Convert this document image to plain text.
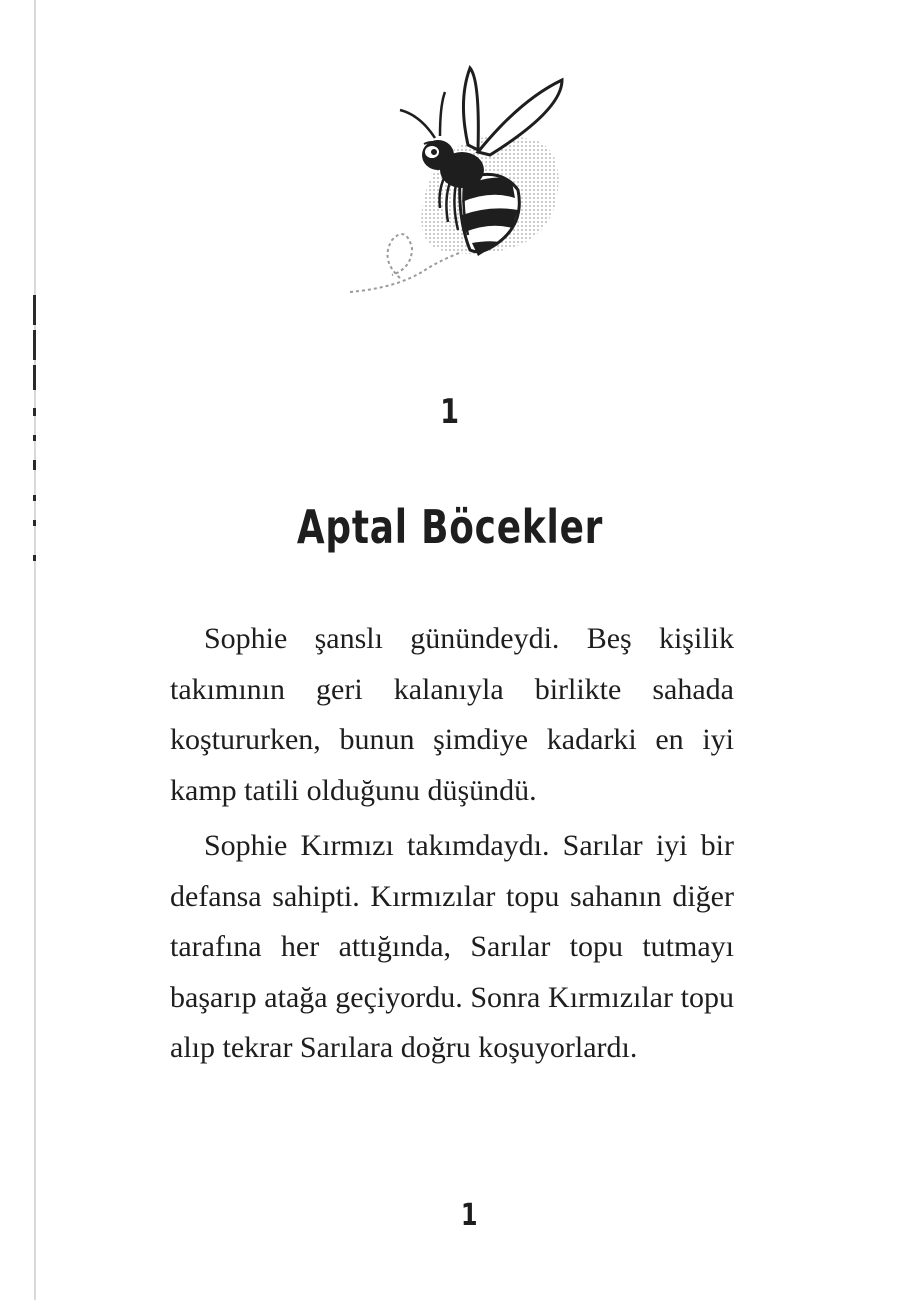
1
Aptal Böcekler

Sophie şanslı günündeydi. Beş kişilik takımının geri kalanıyla birlikte sahada koştururken, bunun şimdiye kadarki en iyi kamp tatili olduğunu düşündü.

Sophie Kırmızı takımdaydı. Sarılar iyi bir defansa sahipti. Kırmızılar topu sahanın diğer tarafına her attığında, Sarılar topu tutmayı başarıp atağa geçiyordu. Sonra Kırmızılar topu alıp tekrar Sarılara doğru koşuyorlardı.

1
